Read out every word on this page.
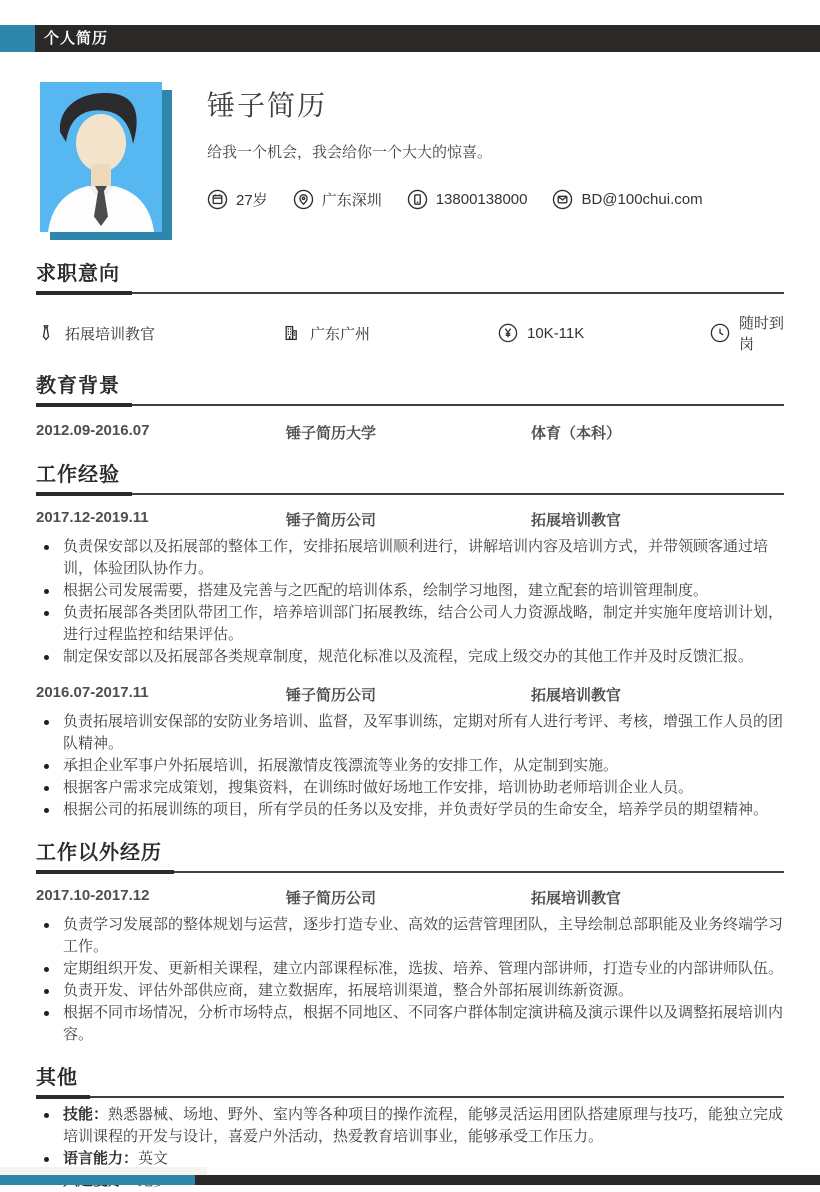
个人简历
锤子简历
给我一个机会，我会给你一个大大的惊喜。
27岁	广东深圳	13800138000	BD@100chui.com
求职意向
拓展培训教官	广东广州	10K-11K
随时到岗
教育背景
2012.09-2016.07	锤子简历大学	体育（本科）
工作经验
2017.12-2019.11	锤子简历公司	拓展培训教官
负责保安部以及拓展部的整体工作，安排拓展培训顺利进行，讲解培训内容及培训方式，并带领顾客通过培训，体验团队协作力。
根据公司发展需要，搭建及完善与之匹配的培训体系，绘制学习地图，建立配套的培训管理制度。
负责拓展部各类团队带团工作，培养培训部门拓展教练，结合公司人力资源战略，制定并实施年度培训计划，进行过程监控和结果评估。
制定保安部以及拓展部各类规章制度，规范化标准以及流程，完成上级交办的其他工作并及时反馈汇报。
2016.07-2017.11	锤子简历公司	拓展培训教官
负责拓展培训安保部的安防业务培训、监督，及军事训练，定期对所有人进行考评、考核，增强工作人员的团队精神。
承担企业军事户外拓展培训，拓展激情皮筏漂流等业务的安排工作，从定制到实施。
根据客户需求完成策划，搜集资料，在训练时做好场地工作安排，培训协助老师培训企业人员。
根据公司的拓展训练的项目，所有学员的任务以及安排，并负责好学员的生命安全，培养学员的期望精神。
工作以外经历
2017.10-2017.12	锤子简历公司	拓展培训教官
负责学习发展部的整体规划与运营，逐步打造专业、高效的运营管理团队，主导绘制总部职能及业务终端学习工作。
定期组织开发、更新相关课程，建立内部课程标准，选拔、培养、管理内部讲师，打造专业的内部讲师队伍。
负责开发、评估外部供应商，建立数据库，拓展培训渠道，整合外部拓展训练新资源。
根据不同市场情况，分析市场特点，根据不同地区、不同客户群体制定演讲稿及演示课件以及调整拓展培训内容。
其他
技能：熟悉器械、场地、野外、室内等各种项目的操作流程，能够灵活运用团队搭建原理与技巧，能独立完成培训课程的开发与设计，喜爱户外活动，热爱教育培训事业，能够承受工作压力。
语言能力：英文
